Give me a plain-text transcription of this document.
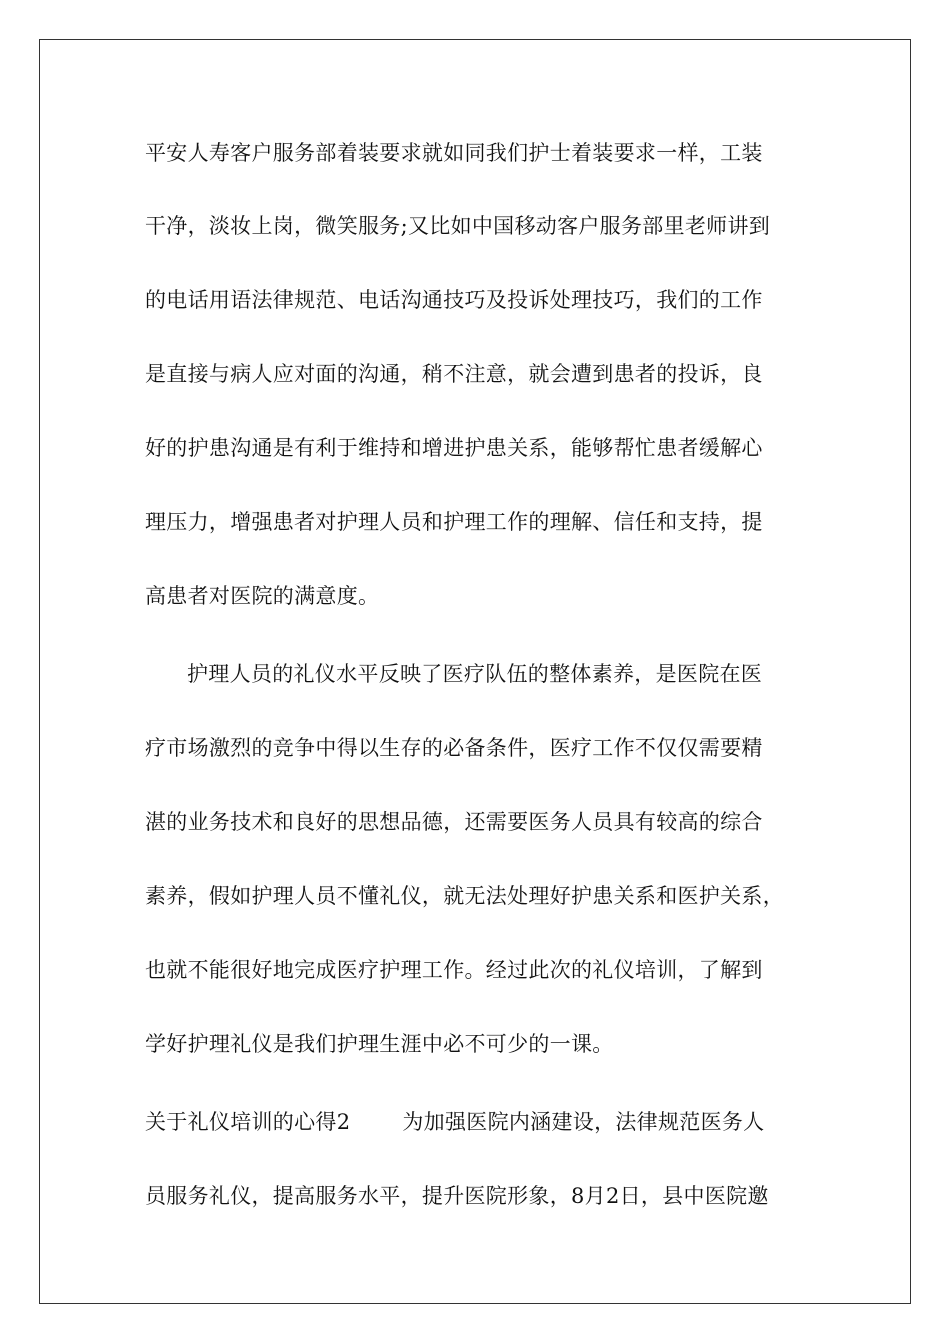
平安人寿客户服务部着装要求就如同我们护士着装要求一样，工装
干净，淡妆上岗，微笑服务;又比如中国移动客户服务部里老师讲到
的电话用语法律规范、电话沟通技巧及投诉处理技巧，我们的工作
是直接与病人应对面的沟通，稍不注意，就会遭到患者的投诉，良
好的护患沟通是有利于维持和增进护患关系，能够帮忙患者缓解心
理压力，增强患者对护理人员和护理工作的理解、信任和支持，提
高患者对医院的满意度。
护理人员的礼仪水平反映了医疗队伍的整体素养，是医院在医
疗市场激烈的竞争中得以生存的必备条件，医疗工作不仅仅需要精
湛的业务技术和良好的思想品德，还需要医务人员具有较高的综合
素养，假如护理人员不懂礼仪，就无法处理好护患关系和医护关系，
也就不能很好地完成医疗护理工作。经过此次的礼仪培训，了解到
学好护理礼仪是我们护理生涯中必不可少的一课。
关于礼仪培训的心得2 为加强医院内涵建设，法律规范医务人
员服务礼仪，提高服务水平，提升医院形象，8月2日，县中医院邀
